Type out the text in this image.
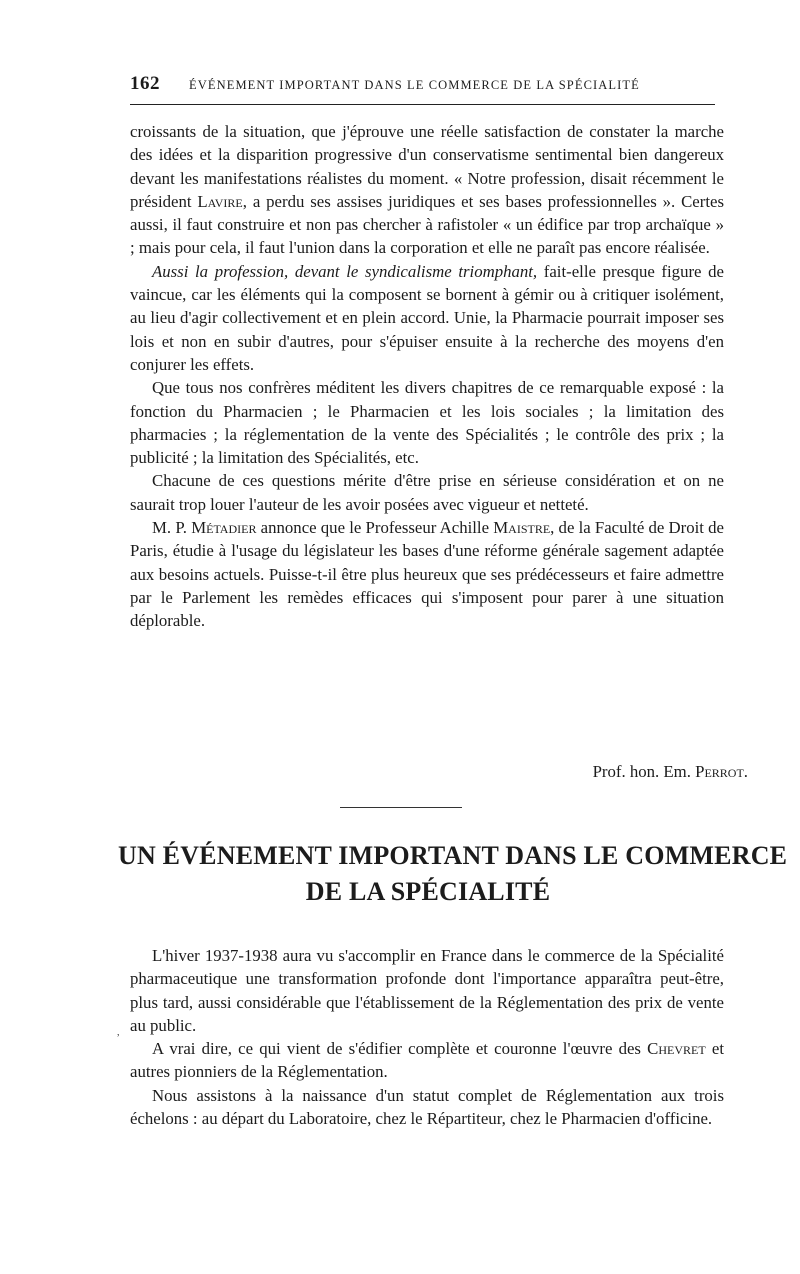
162 ÉVÉNEMENT IMPORTANT DANS LE COMMERCE DE LA SPÉCIALITÉ

croissants de la situation, que j'éprouve une réelle satisfaction de constater la marche des idées et la disparition progressive d'un conservatisme sentimental bien dangereux devant les manifestations réalistes du moment. « Notre profession, disait récemment le président Lavire, a perdu ses assises juridiques et ses bases professionnelles ». Certes aussi, il faut construire et non pas chercher à rafistoler « un édifice par trop archaïque » ; mais pour cela, il faut l'union dans la corporation et elle ne paraît pas encore réalisée.

Aussi la profession, devant le syndicalisme triomphant, fait-elle presque figure de vaincue, car les éléments qui la composent se bornent à gémir ou à critiquer isolément, au lieu d'agir collectivement et en plein accord. Unie, la Pharmacie pourrait imposer ses lois et non en subir d'autres, pour s'épuiser ensuite à la recherche des moyens d'en conjurer les effets.

Que tous nos confrères méditent les divers chapitres de ce remarquable exposé : la fonction du Pharmacien ; le Pharmacien et les lois sociales ; la limitation des pharmacies ; la réglementation de la vente des Spécialités ; le contrôle des prix ; la publicité ; la limitation des Spécialités, etc.

Chacune de ces questions mérite d'être prise en sérieuse considération et on ne saurait trop louer l'auteur de les avoir posées avec vigueur et netteté.

M. P. Métadier annonce que le Professeur Achille Maistre, de la Faculté de Droit de Paris, étudie à l'usage du législateur les bases d'une réforme générale sagement adaptée aux besoins actuels. Puisse-t-il être plus heureux que ses prédécesseurs et faire admettre par le Parlement les remèdes efficaces qui s'imposent pour parer à une situation déplorable.

Prof. hon. Em. Perrot.
UN ÉVÉNEMENT IMPORTANT DANS LE COMMERCE
DE LA SPÉCIALITÉ

L'hiver 1937-1938 aura vu s'accomplir en France dans le commerce de la Spécialité pharmaceutique une transformation profonde dont l'importance apparaîtra peut-être, plus tard, aussi considérable que l'établissement de la Réglementation des prix de vente au public.

A vrai dire, ce qui vient de s'édifier complète et couronne l'œuvre des Chevret et autres pionniers de la Réglementation.

Nous assistons à la naissance d'un statut complet de Réglementation aux trois échelons : au départ du Laboratoire, chez le Répartiteur, chez le Pharmacien d'officine.

,
